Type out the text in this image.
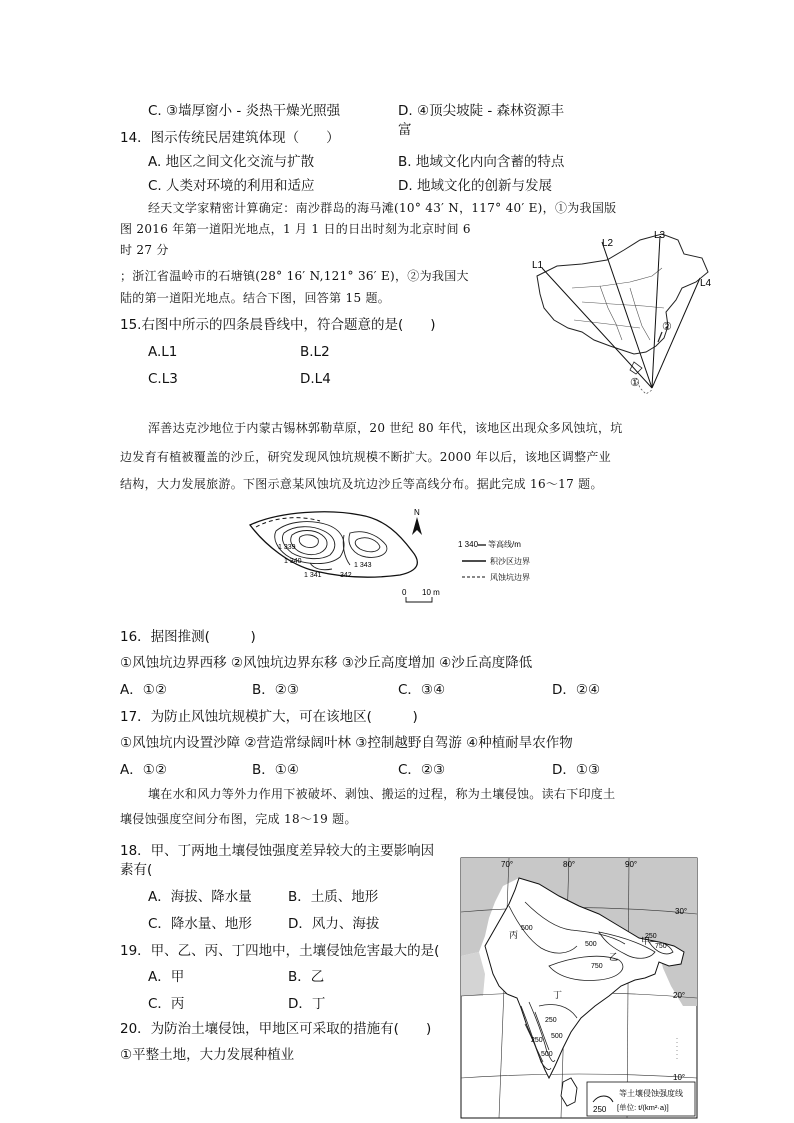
C. ③墙厚窗小 - 炎热干燥光照强	D. ④顶尖坡陡 - 森林资源丰
富
14．图示传统民居建筑体现（　　）
A. 地区之间文化交流与扩散	B. 地域文化内向含蓄的特点
C. 人类对环境的利用和适应	D. 地域文化的创新与发展
经天文学家精密计算确定：南沙群岛的海马滩(10° 43′ N，117° 40′ E)，①为我国版
图 2016 年第一道阳光地点，1 月 1 日的日出时刻为北京时间 6
时 27 分
；浙江省温岭市的石塘镇(28° 16′ N,121° 36′ E)，②为我国大
陆的第一道阳光地点。结合下图，回答第 15 题。
15.右图中所示的四条晨昏线中，符合题意的是(　　)
A.L1	B.L2
C.L3	D.L4
L1
L2
L3
L4
②
①
浑善达克沙地位于内蒙古锡林郭勒草原，20 世纪 80 年代，该地区出现众多风蚀坑，坑
边发育有植被覆盖的沙丘，研究发现风蚀坑规模不断扩大。2000 年以后，该地区调整产业
结构，大力发展旅游。下图示意某风蚀坑及坑边沙丘等高线分布。据此完成 16～17 题。
1 339
1 340
1 341	342
1 343
N
1 340 等高线/m
积沙区边界
风蚀坑边界
0 10 m
16．据图推测(　　　)
①风蚀坑边界西移 ②风蚀坑边界东移 ③沙丘高度增加 ④沙丘高度降低
A．①②	B．②③	C．③④	D．②④
17．为防止风蚀坑规模扩大，可在该地区(　　　)
①风蚀坑内设置沙障 ②营造常绿阔叶林 ③控制越野自驾游 ④种植耐旱农作物
A．①②	B．①④	C．②③	D．①③
壤在水和风力等外力作用下被破坏、剥蚀、搬运的过程，称为土壤侵蚀。读右下印度土
壤侵蚀强度空间分布图，完成 18～19 题。
18．甲、丁两地土壤侵蚀强度差异较大的主要影响因
素有(
A．海拔、降水量	B．土质、地形
C．降水量、地形	D．风力、海拔
19．甲、乙、丙、丁四地中，土壤侵蚀危害最大的是(
A．甲	B．乙
C．丙	D．丁
20．为防治土壤侵蚀，甲地区可采取的措施有(　　)
①平整土地，大力发展种植业
70°	80°	90°
30°
20°
10°
丙
乙
甲
丁
500
500
750
750
250
250
250
500
500
250
等土壤侵蚀强度线
[单位: t/(km²·a)]
